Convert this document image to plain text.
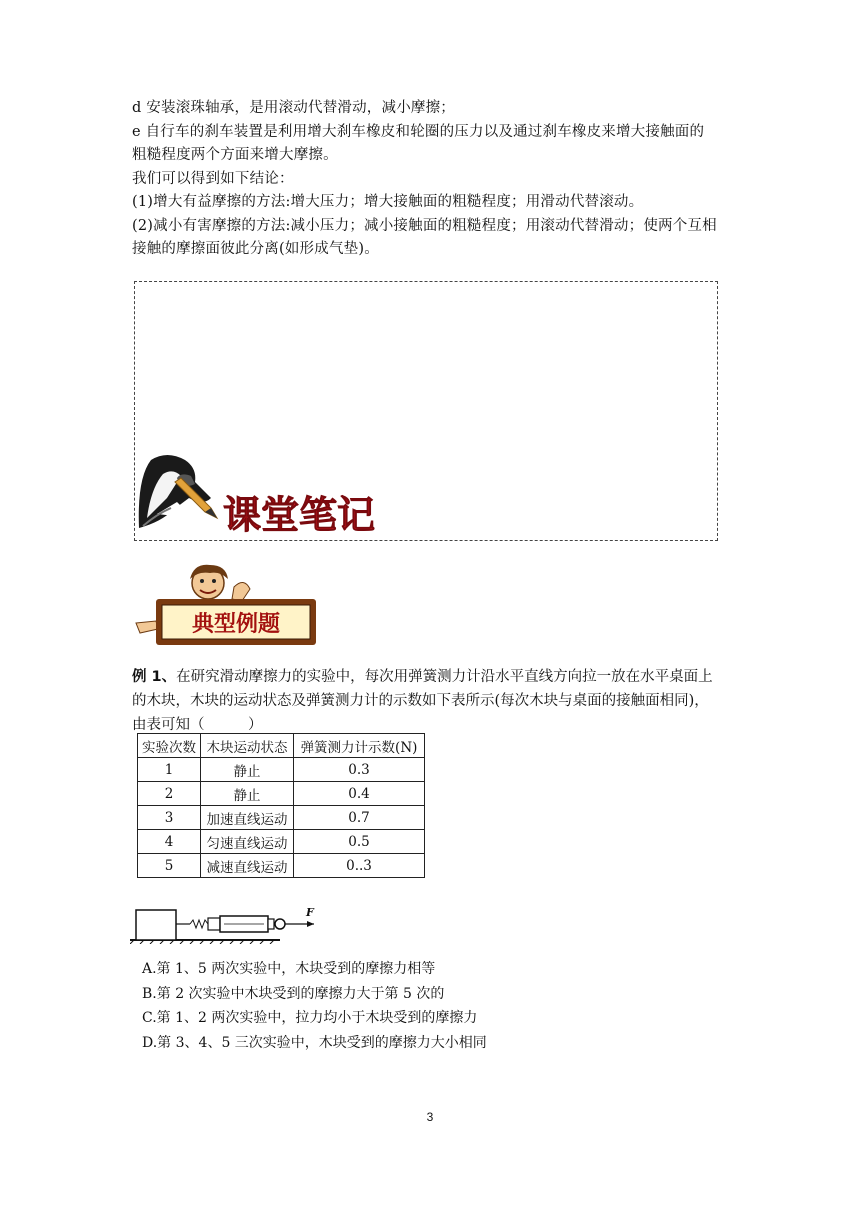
d 安装滚珠轴承，是用滚动代替滑动，减小摩擦；

e 自行车的刹车装置是利用增大刹车橡皮和轮圈的压力以及通过刹车橡皮来增大接触面的

粗糙程度两个方面来增大摩擦。

我们可以得到如下结论：

(1)增大有益摩擦的方法:增大压力；增大接触面的粗糙程度；用滑动代替滚动。

(2)减小有害摩擦的方法:减小压力；减小接触面的粗糙程度；用滚动代替滑动；使两个互相

接触的摩擦面彼此分离(如形成气垫)。

课堂笔记
典型例题

例 1、在研究滑动摩擦力的实验中，每次用弹簧测力计沿水平直线方向拉一放在水平桌面上

的木块，木块的运动状态及弹簧测力计的示数如下表所示(每次木块与桌面的接触面相同)，

由表可知（　　　）

实验次数	木块运动状态	弹簧测力计示数(N)
1	静止	0.3
2	静止	0.4
3	加速直线运动	0.7
4	匀速直线运动	0.5
5	减速直线运动	0..3
F

A.第 1、5 两次实验中，木块受到的摩擦力相等

B.第 2 次实验中木块受到的摩擦力大于第 5 次的

C.第 1、2 两次实验中，拉力均小于木块受到的摩擦力

D.第 3、4、5 三次实验中，木块受到的摩擦力大小相同

3
